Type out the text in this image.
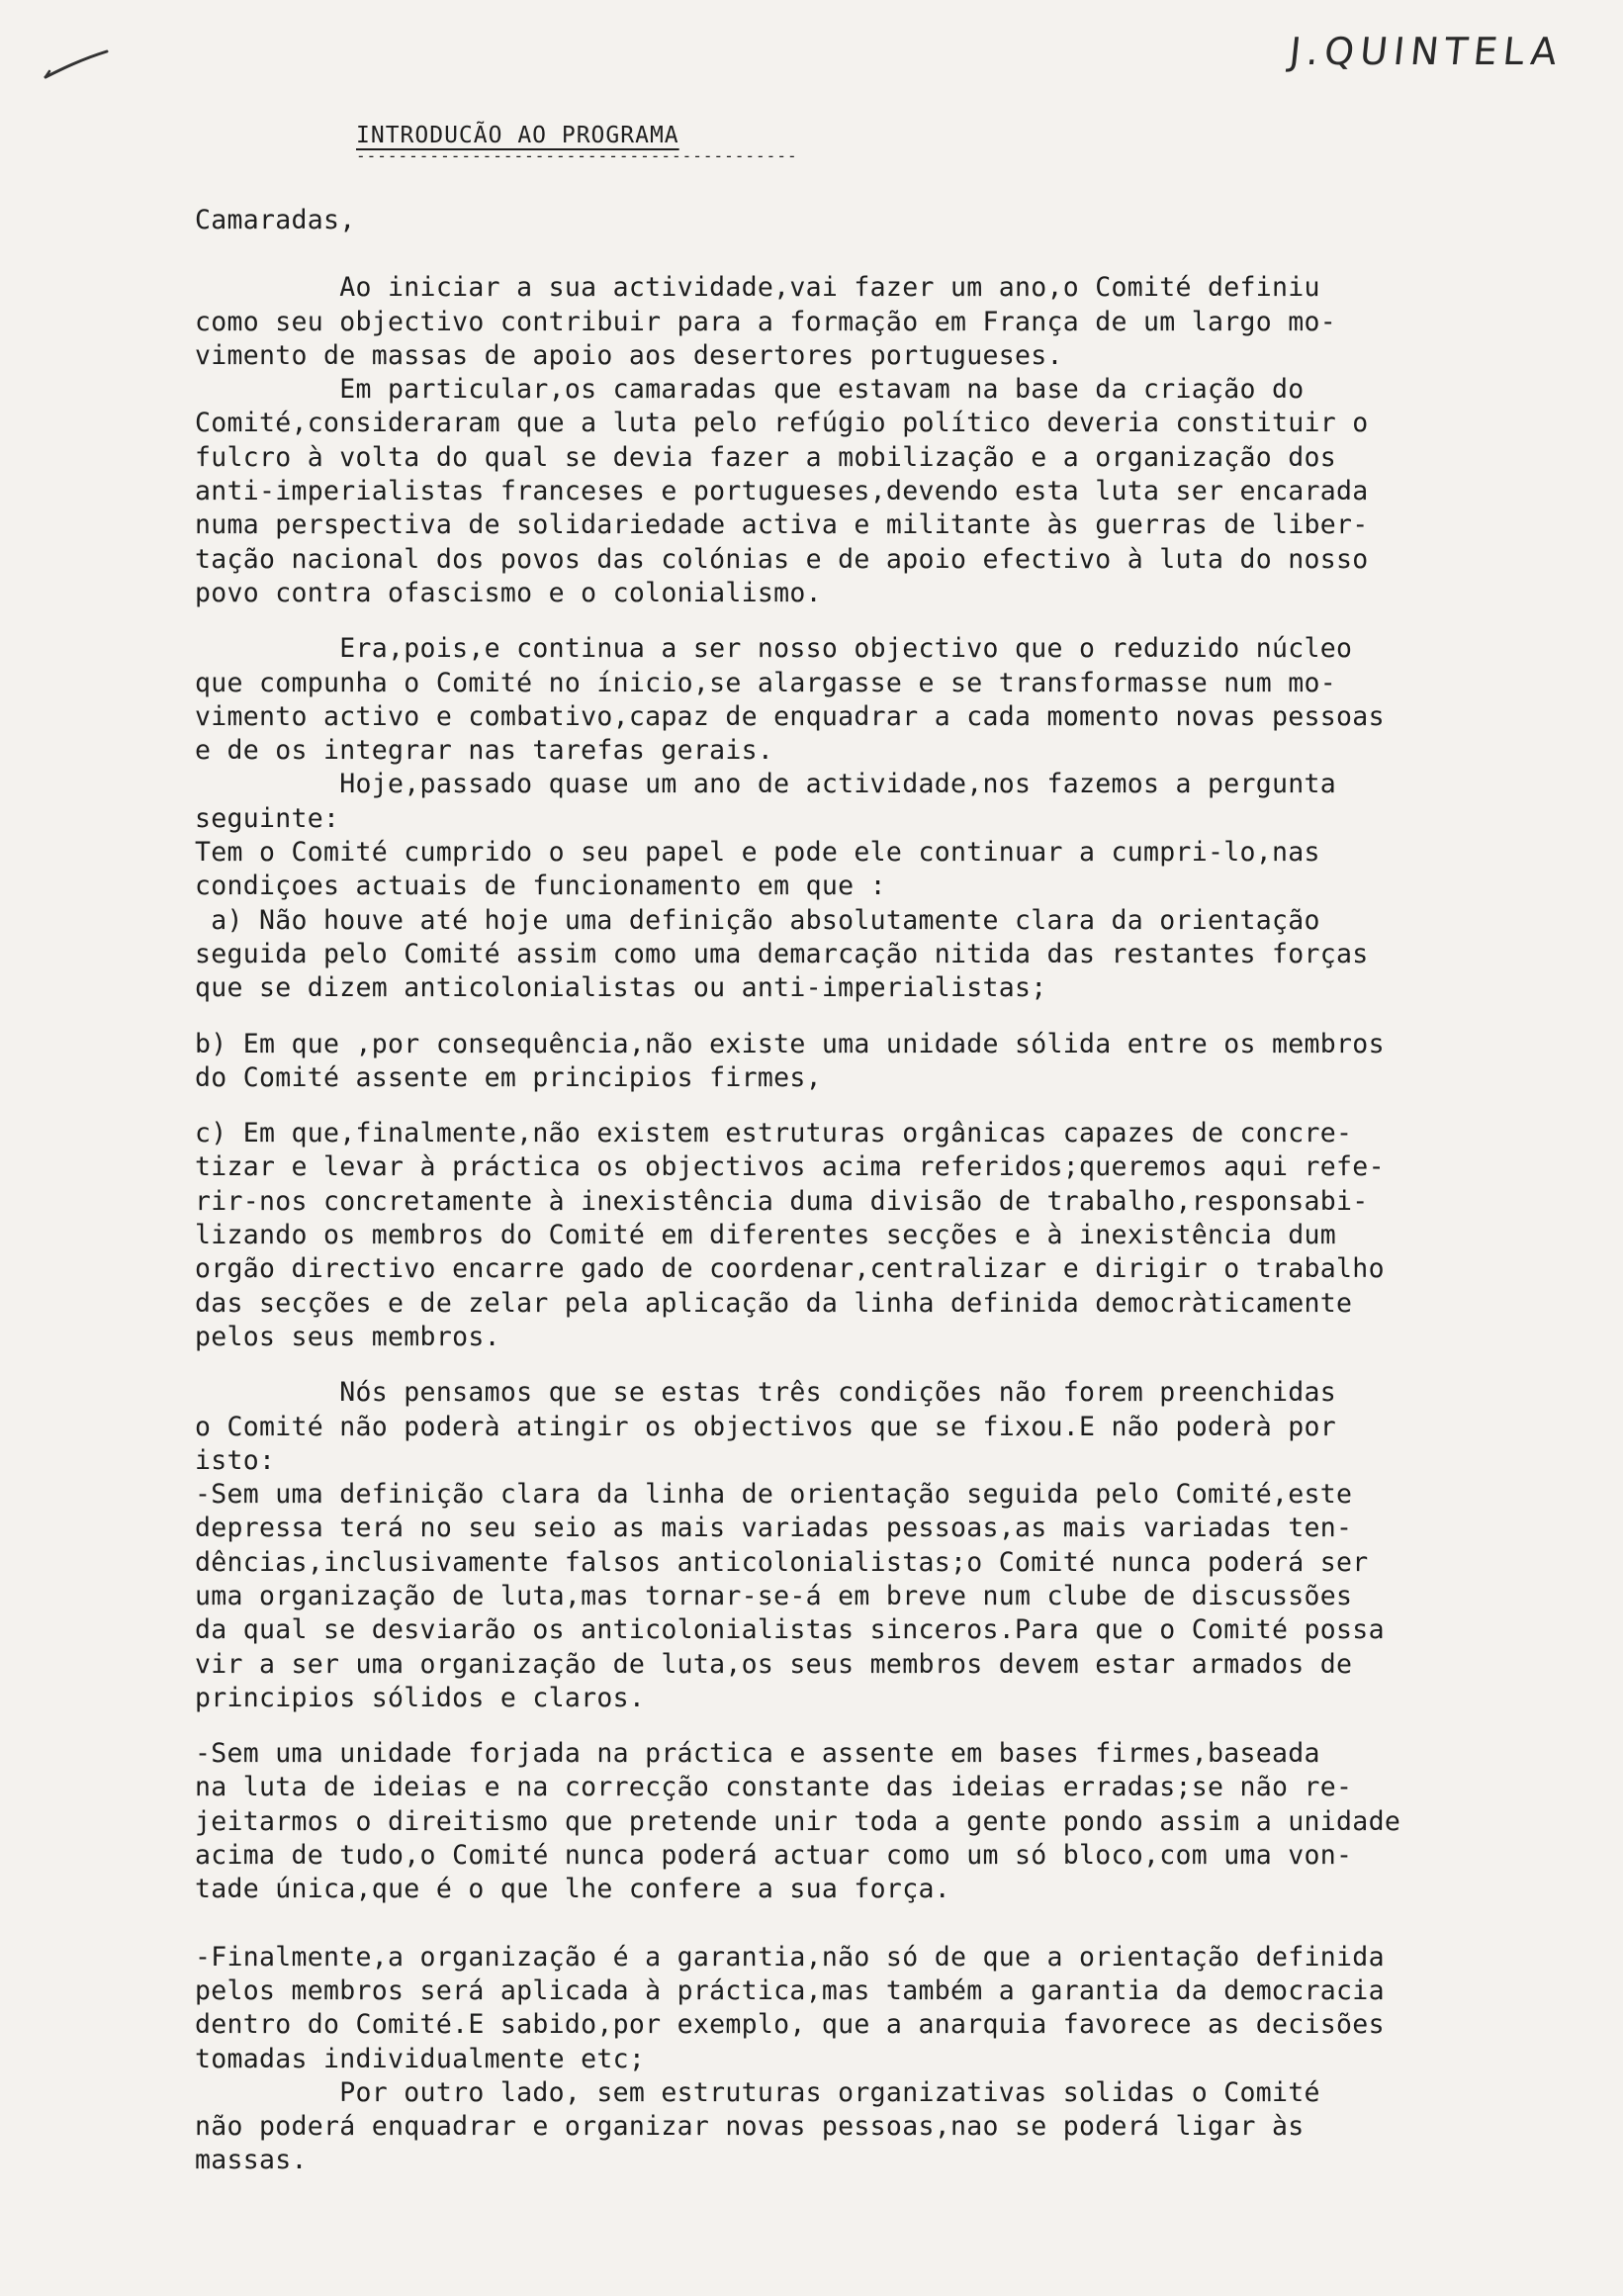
J.QUINTELA
INTRODUCÃO AO PROGRAMA
------------------------------------------

Camaradas,

Ao iniciar a sua actividade,vai fazer um ano,o Comité definiu

como seu objectivo contribuir para a formação em França de um largo mo-

vimento de massas de apoio aos desertores portugueses.

Em particular,os camaradas que estavam na base da criação do

Comité,consideraram que a luta pelo refúgio político deveria constituir o

fulcro à volta do qual se devia fazer a mobilização e a organização dos

anti-imperialistas franceses e portugueses,devendo esta luta ser encarada

numa perspectiva de solidariedade activa e militante às guerras de liber-

tação nacional dos povos das colónias e de apoio efectivo à luta do nosso

povo contra ofascismo e o colonialismo.

Era,pois,e continua a ser nosso objectivo que o reduzido núcleo

que compunha o Comité no ínicio,se alargasse e se transformasse num mo-

vimento activo e combativo,capaz de enquadrar a cada momento novas pessoas

e de os integrar nas tarefas gerais.

Hoje,passado quase um ano de actividade,nos fazemos a pergunta

seguinte:

Tem o Comité cumprido o seu papel e pode ele continuar a cumpri-lo,nas

condiçoes actuais de funcionamento em que :

a) Não houve até hoje uma definição absolutamente clara da orientação

seguida pelo Comité assim como uma demarcação nitida das restantes forças

que se dizem anticolonialistas ou anti-imperialistas;

b) Em que ,por consequência,não existe uma unidade sólida entre os membros

do Comité assente em principios firmes,

c) Em que,finalmente,não existem estruturas orgânicas capazes de concre-

tizar e levar à práctica os objectivos acima referidos;queremos aqui refe-

rir-nos concretamente à inexistência duma divisão de trabalho,responsabi-

lizando os membros do Comité em diferentes secções e à inexistência dum

orgão directivo encarre gado de coordenar,centralizar e dirigir o trabalho

das secções e de zelar pela aplicação da linha definida democràticamente

pelos seus membros.

Nós pensamos que se estas três condições não forem preenchidas

o Comité não poderà atingir os objectivos que se fixou.E não poderà por

isto:

-Sem uma definição clara da linha de orientação seguida pelo Comité,este

depressa terá no seu seio as mais variadas pessoas,as mais variadas ten-

dências,inclusivamente falsos anticolonialistas;o Comité nunca poderá ser

uma organização de luta,mas tornar-se-á em breve num clube de discussões

da qual se desviarão os anticolonialistas sinceros.Para que o Comité possa

vir a ser uma organização de luta,os seus membros devem estar armados de

principios sólidos e claros.

-Sem uma unidade forjada na práctica e assente em bases firmes,baseada

na luta de ideias e na correcção constante das ideias erradas;se não re-

jeitarmos o direitismo que pretende unir toda a gente pondo assim a unidade

acima de tudo,o Comité nunca poderá actuar como um só bloco,com uma von-

tade única,que é o que lhe confere a sua força.

-Finalmente,a organização é a garantia,não só de que a orientação definida

pelos membros será aplicada à práctica,mas também a garantia da democracia

dentro do Comité.E sabido,por exemplo, que a anarquia favorece as decisões

tomadas individualmente etc;

Por outro lado, sem estruturas organizativas solidas o Comité

não poderá enquadrar e organizar novas pessoas,nao se poderá ligar às

massas.
